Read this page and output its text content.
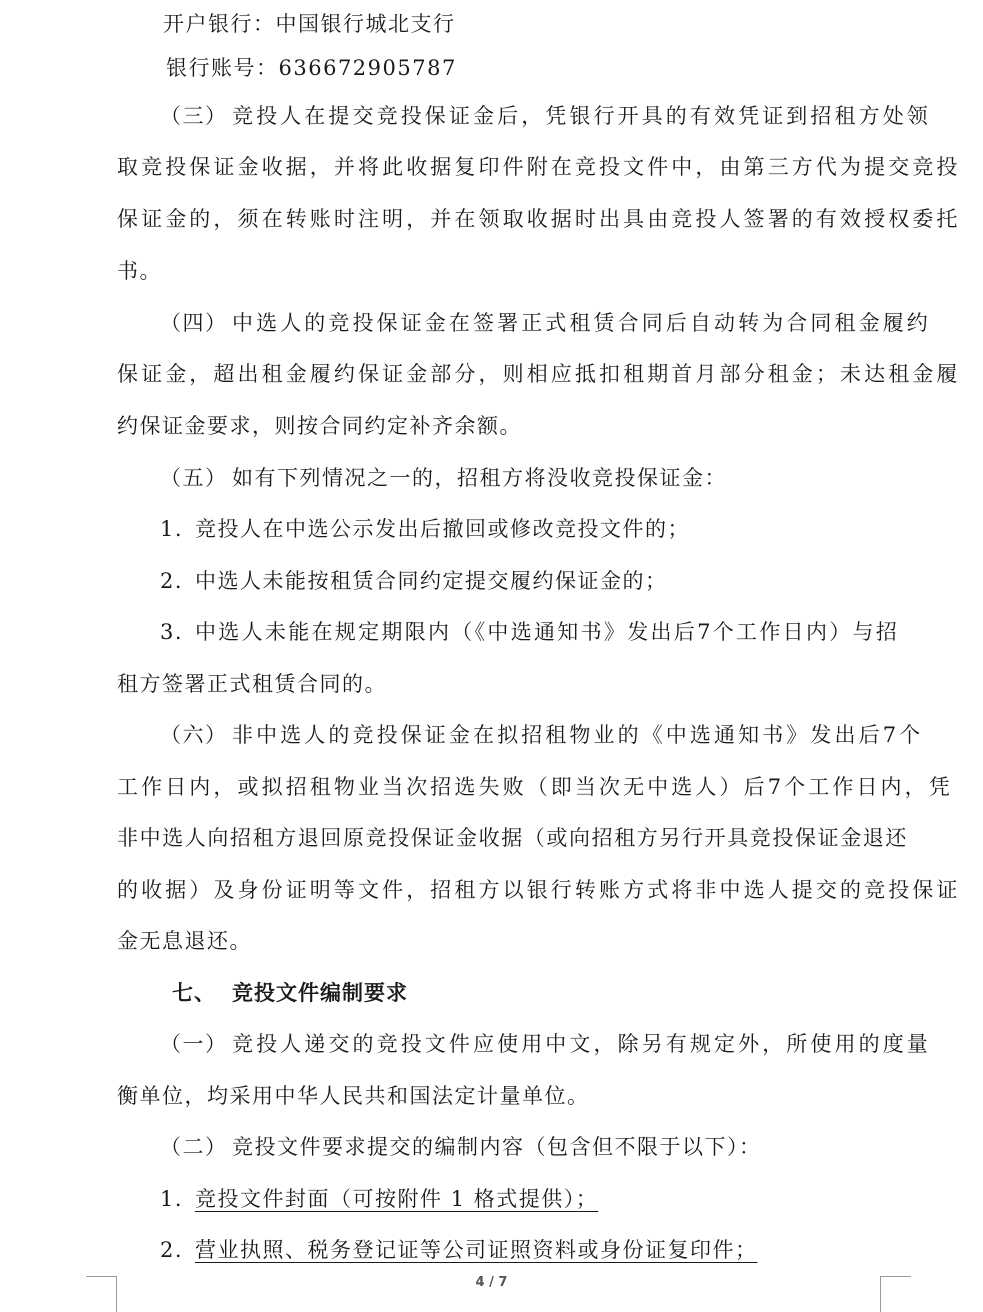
开户银行：中国银行城北支行
银行账号：636672905787
（三） 竞投人在提交竞投保证金后，凭银行开具的有效凭证到招租方处领
取竞投保证金收据，并将此收据复印件附在竞投文件中，由第三方代为提交竞投
保证金的，须在转账时注明，并在领取收据时出具由竞投人签署的有效授权委托
书。
（四） 中选人的竞投保证金在签署正式租赁合同后自动转为合同租金履约
保证金，超出租金履约保证金部分，则相应抵扣租期首月部分租金；未达租金履
约保证金要求，则按合同约定补齐余额。
（五） 如有下列情况之一的，招租方将没收竞投保证金：
1. 竞投人在中选公示发出后撤回或修改竞投文件的；
2. 中选人未能按租赁合同约定提交履约保证金的；
3. 中选人未能在规定期限内（《中选通知书》发出后7个工作日内）与招
租方签署正式租赁合同的。
（六） 非中选人的竞投保证金在拟招租物业的《中选通知书》发出后7个
工作日内，或拟招租物业当次招选失败（即当次无中选人）后7个工作日内，凭
非中选人向招租方退回原竞投保证金收据（或向招租方另行开具竞投保证金退还
的收据）及身份证明等文件，招租方以银行转账方式将非中选人提交的竞投保证
金无息退还。
七、 竞投文件编制要求
（一） 竞投人递交的竞投文件应使用中文，除另有规定外，所使用的度量
衡单位，均采用中华人民共和国法定计量单位。
（二） 竞投文件要求提交的编制内容（包含但不限于以下）：
1. 竞投文件封面（可按附件 1 格式提供）；
2. 营业执照、税务登记证等公司证照资料或身份证复印件；
4 / 7
